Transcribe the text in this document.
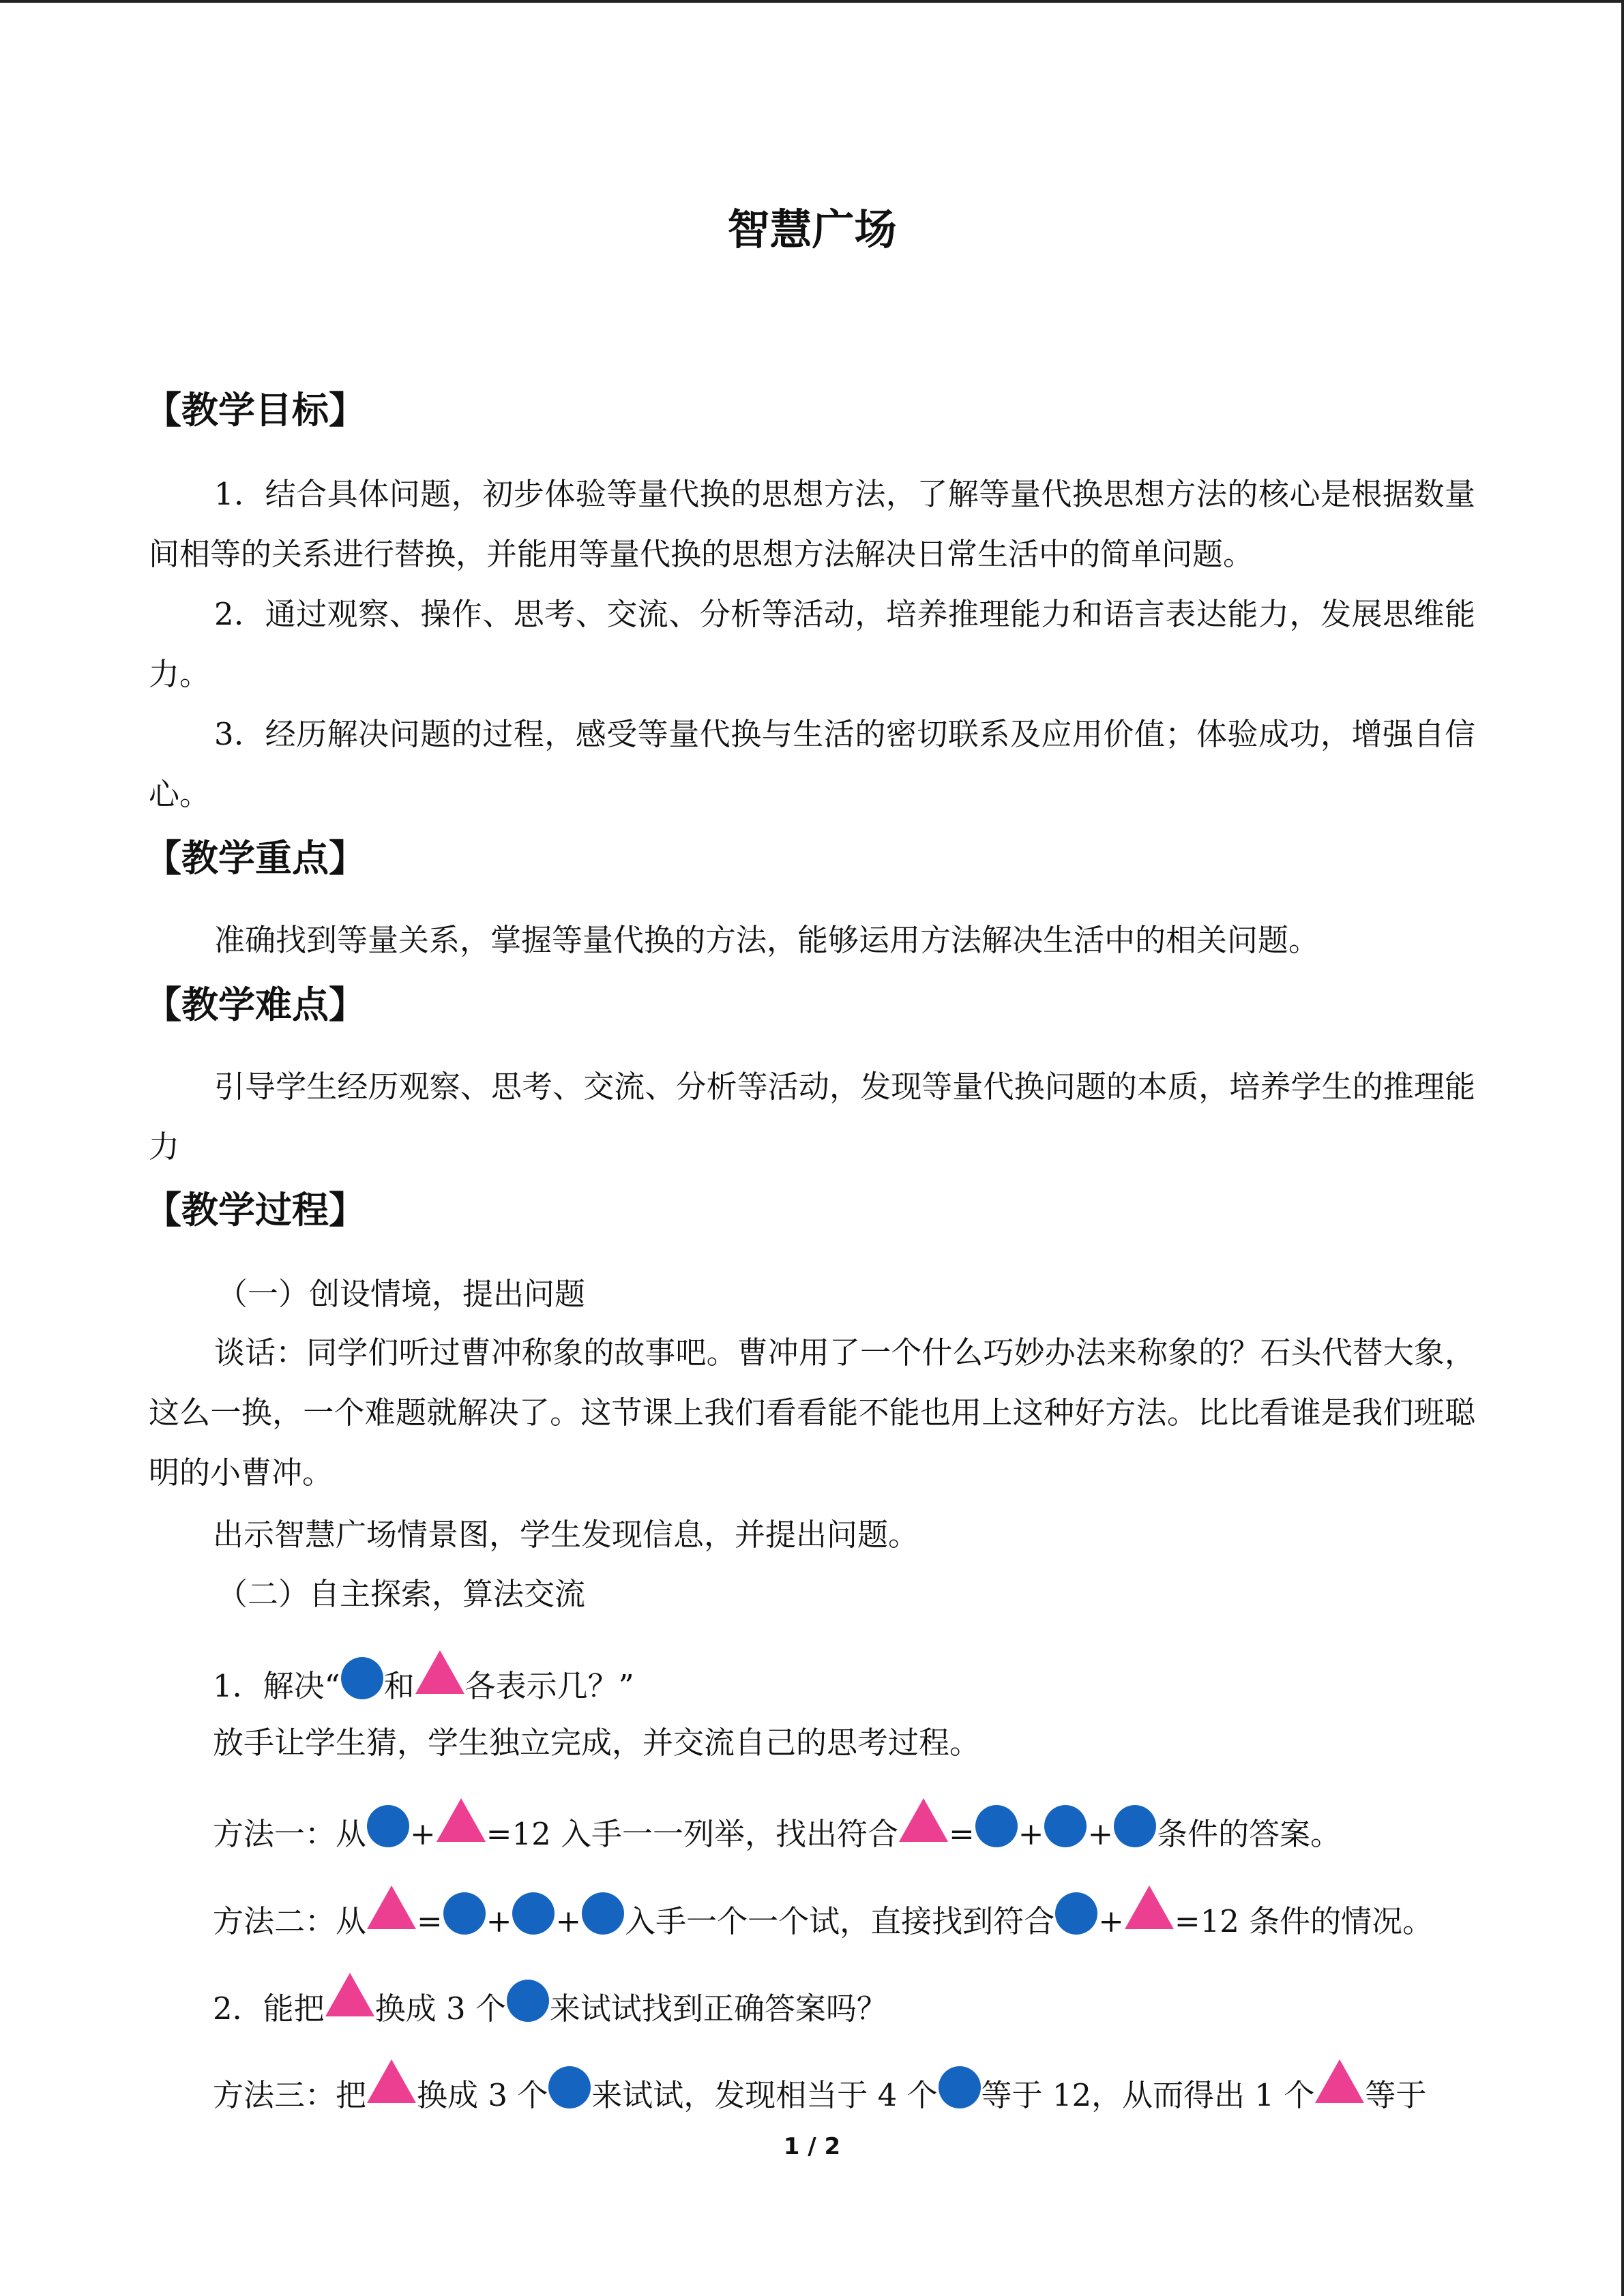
智慧广场
【教学目标】
1．结合具体问题，初步体验等量代换的思想方法，了解等量代换思想方法的核心是根据数量间相等的关系进行替换，并能用等量代换的思想方法解决日常生活中的简单问题。
2．通过观察、操作、思考、交流、分析等活动，培养推理能力和语言表达能力，发展思维能力。
3．经历解决问题的过程，感受等量代换与生活的密切联系及应用价值；体验成功，增强自信心。
【教学重点】
准确找到等量关系，掌握等量代换的方法，能够运用方法解决生活中的相关问题。
【教学难点】
引导学生经历观察、思考、交流、分析等活动，发现等量代换问题的本质，培养学生的推理能力
【教学过程】
（一）创设情境，提出问题
谈话：同学们听过曹冲称象的故事吧。曹冲用了一个什么巧妙办法来称象的？石头代替大象，这么一换，一个难题就解决了。这节课上我们看看能不能也用上这种好方法。比比看谁是我们班聪明的小曹冲。
出示智慧广场情景图，学生发现信息，并提出问题。
（二）自主探索，算法交流
1．解决“ 和 各表示几？”
放手让学生猜，学生独立完成，并交流自己的思考过程。
方法一：从 + =12 入手一一列举，找出符合 = + + 条件的答案。
方法二：从 = + + 入手一个一个试，直接找到符合 + =12 条件的情况。
2．能把 换成 3 个 来试试找到正确答案吗？
方法三：把 换成 3 个 来试试，发现相当于 4 个 等于 12，从而得出 1 个 等于
1 / 2
